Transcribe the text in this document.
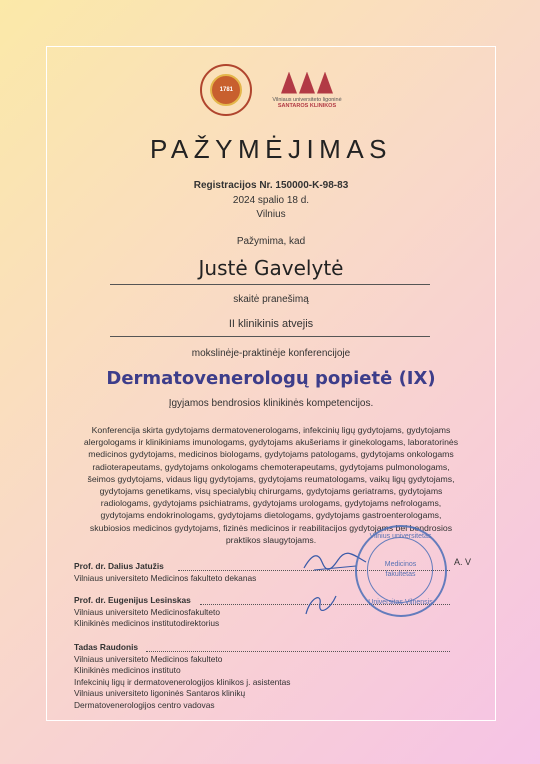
1781
Vilniaus universiteto ligoninė
SANTAROS KLINIKOS
PAŽYMĖJIMAS
Registracijos Nr. 150000-K-98-83
2024 spalio 18 d.
Vilnius
Pažymima, kad
Justė Gavelytė
skaitė pranešimą
II klinikinis atvejis
mokslinėje-praktinėje konferencijoje
Dermatovenerologų popietė (IX)
Įgyjamos bendrosios klinikinės kompetencijos.
Konferencija skirta gydytojams dermatovenerologams, infekcinių ligų gydytojams, gydytojams
alergologams ir klinikiniams imunologams, gydytojams akušeriams ir ginekologams, laboratorinės
medicinos gydytojams, medicinos biologams, gydytojams patologams, gydytojams onkologams
radioterapeutams, gydytojams onkologams chemoterapeutams, gydytojams pulmonologams,
šeimos gydytojams, vidaus ligų gydytojams, gydytojams reumatologams, vaikų ligų gydytojams,
gydytojams genetikams, visų specialybių chirurgams, gydytojams geriatrams, gydytojams
radiologams, gydytojams psichiatrams, gydytojams urologams, gydytojams nefrologams,
gydytojams endokrinologams, gydytojams dietologams, gydytojams gastroenterologams,
skubiosios medicinos gydytojams, fizinės medicinos ir reabilitacijos gydytojams bei bendrosios
praktikos slaugytojams.
Prof. dr. Dalius Jatužis
Vilniaus universiteto Medicinos fakulteto dekanas
Prof. dr. Eugenijus Lesinskas
Vilniaus universiteto Medicinosfakulteto
Klinikinės medicinos institutodirektorius
Tadas Raudonis
Vilniaus universiteto Medicinos fakulteto
Klinikinės medicinos instituto
Infekcinių ligų ir dermatovenerologijos klinikos j. asistentas
Vilniaus universiteto ligoninės Santaros klinikų
Dermatovenerologijos centro vadovas
Vilnius universitetas
Medicinos
fakultetas
Universitas Vilnensis
A. V
